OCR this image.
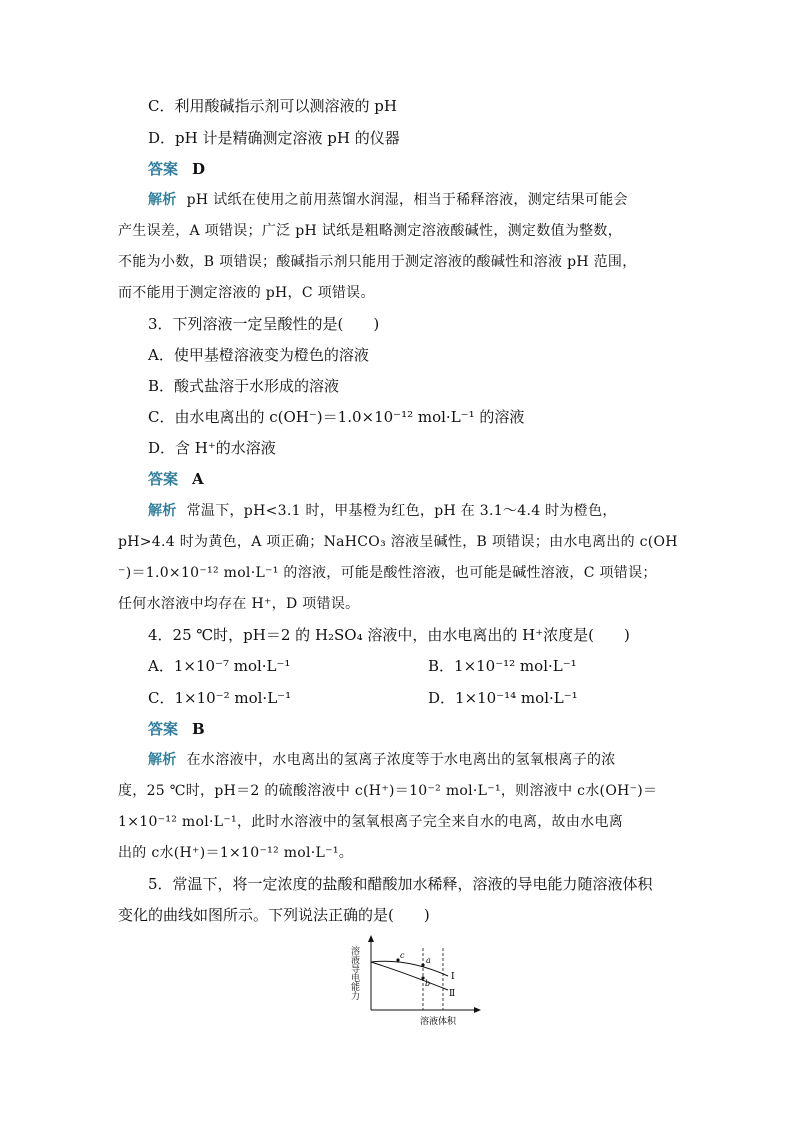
C．利用酸碱指示剂可以测溶液的 pH
D．pH 计是精确测定溶液 pH 的仪器
答案 D
解析 pH 试纸在使用之前用蒸馏水润湿，相当于稀释溶液，测定结果可能会
产生误差，A 项错误；广泛 pH 试纸是粗略测定溶液酸碱性，测定数值为整数，
不能为小数，B 项错误；酸碱指示剂只能用于测定溶液的酸碱性和溶液 pH 范围，
而不能用于测定溶液的 pH，C 项错误。
3．下列溶液一定呈酸性的是(　　)
A．使甲基橙溶液变为橙色的溶液
B．酸式盐溶于水形成的溶液
C．由水电离出的 c(OH⁻)＝1.0×10⁻¹² mol·L⁻¹ 的溶液
D．含 H⁺的水溶液
答案 A
解析 常温下，pH<3.1 时，甲基橙为红色，pH 在 3.1～4.4 时为橙色，
pH>4.4 时为黄色，A 项正确；NaHCO₃ 溶液呈碱性，B 项错误；由水电离出的 c(OH
⁻)＝1.0×10⁻¹² mol·L⁻¹ 的溶液，可能是酸性溶液，也可能是碱性溶液，C 项错误；
任何水溶液中均存在 H⁺，D 项错误。
4．25 ℃时，pH＝2 的 H₂SO₄ 溶液中，由水电离出的 H⁺浓度是(　　)
A．1×10⁻⁷ mol·L⁻¹	B．1×10⁻¹² mol·L⁻¹
C．1×10⁻² mol·L⁻¹	D．1×10⁻¹⁴ mol·L⁻¹
答案 B
解析 在水溶液中，水电离出的氢离子浓度等于水电离出的氢氧根离子的浓
度，25 ℃时，pH＝2 的硫酸溶液中 c(H⁺)＝10⁻² mol·L⁻¹，则溶液中 c水(OH⁻)＝
1×10⁻¹² mol·L⁻¹，此时水溶液中的氢氧根离子完全来自水的电离，故由水电离
出的 c水(H⁺)＝1×10⁻¹² mol·L⁻¹。
5．常温下，将一定浓度的盐酸和醋酸加水稀释，溶液的导电能力随溶液体积
变化的曲线如图所示。下列说法正确的是(　　)
溶液导电能力	c
a
b
Ⅰ
Ⅱ
溶液体积
